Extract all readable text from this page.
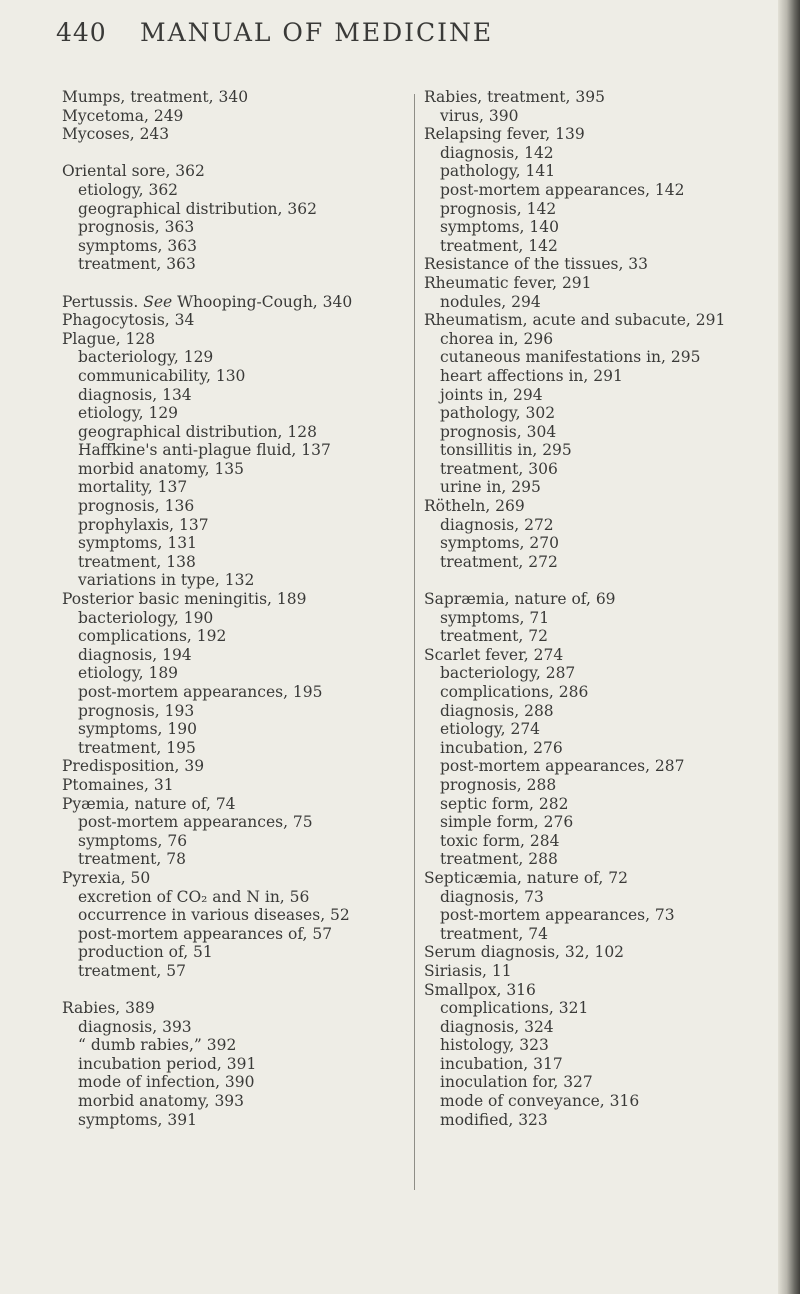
440 MANUAL OF MEDICINE
Mumps, treatment, 340
Mycetoma, 249
Mycoses, 243
Oriental sore, 362
etiology, 362
geographical distribution, 362
prognosis, 363
symptoms, 363
treatment, 363
Pertussis. See Whooping-Cough, 340
Phagocytosis, 34
Plague, 128
bacteriology, 129
communicability, 130
diagnosis, 134
etiology, 129
geographical distribution, 128
Haffkine's anti-plague fluid, 137
morbid anatomy, 135
mortality, 137
prognosis, 136
prophylaxis, 137
symptoms, 131
treatment, 138
variations in type, 132
Posterior basic meningitis, 189
bacteriology, 190
complications, 192
diagnosis, 194
etiology, 189
post-mortem appearances, 195
prognosis, 193
symptoms, 190
treatment, 195
Predisposition, 39
Ptomaines, 31
Pyæmia, nature of, 74
post-mortem appearances, 75
symptoms, 76
treatment, 78
Pyrexia, 50
excretion of CO₂ and N in, 56
occurrence in various diseases, 52
post-mortem appearances of, 57
production of, 51
treatment, 57
Rabies, 389
diagnosis, 393
“ dumb rabies,” 392
incubation period, 391
mode of infection, 390
morbid anatomy, 393
symptoms, 391
Rabies, treatment, 395
virus, 390
Relapsing fever, 139
diagnosis, 142
pathology, 141
post-mortem appearances, 142
prognosis, 142
symptoms, 140
treatment, 142
Resistance of the tissues, 33
Rheumatic fever, 291
nodules, 294
Rheumatism, acute and subacute, 291
chorea in, 296
cutaneous manifestations in, 295
heart affections in, 291
joints in, 294
pathology, 302
prognosis, 304
tonsillitis in, 295
treatment, 306
urine in, 295
Rötheln, 269
diagnosis, 272
symptoms, 270
treatment, 272
Sapræmia, nature of, 69
symptoms, 71
treatment, 72
Scarlet fever, 274
bacteriology, 287
complications, 286
diagnosis, 288
etiology, 274
incubation, 276
post-mortem appearances, 287
prognosis, 288
septic form, 282
simple form, 276
toxic form, 284
treatment, 288
Septicæmia, nature of, 72
diagnosis, 73
post-mortem appearances, 73
treatment, 74
Serum diagnosis, 32, 102
Siriasis, 11
Smallpox, 316
complications, 321
diagnosis, 324
histology, 323
incubation, 317
inoculation for, 327
mode of conveyance, 316
modified, 323
